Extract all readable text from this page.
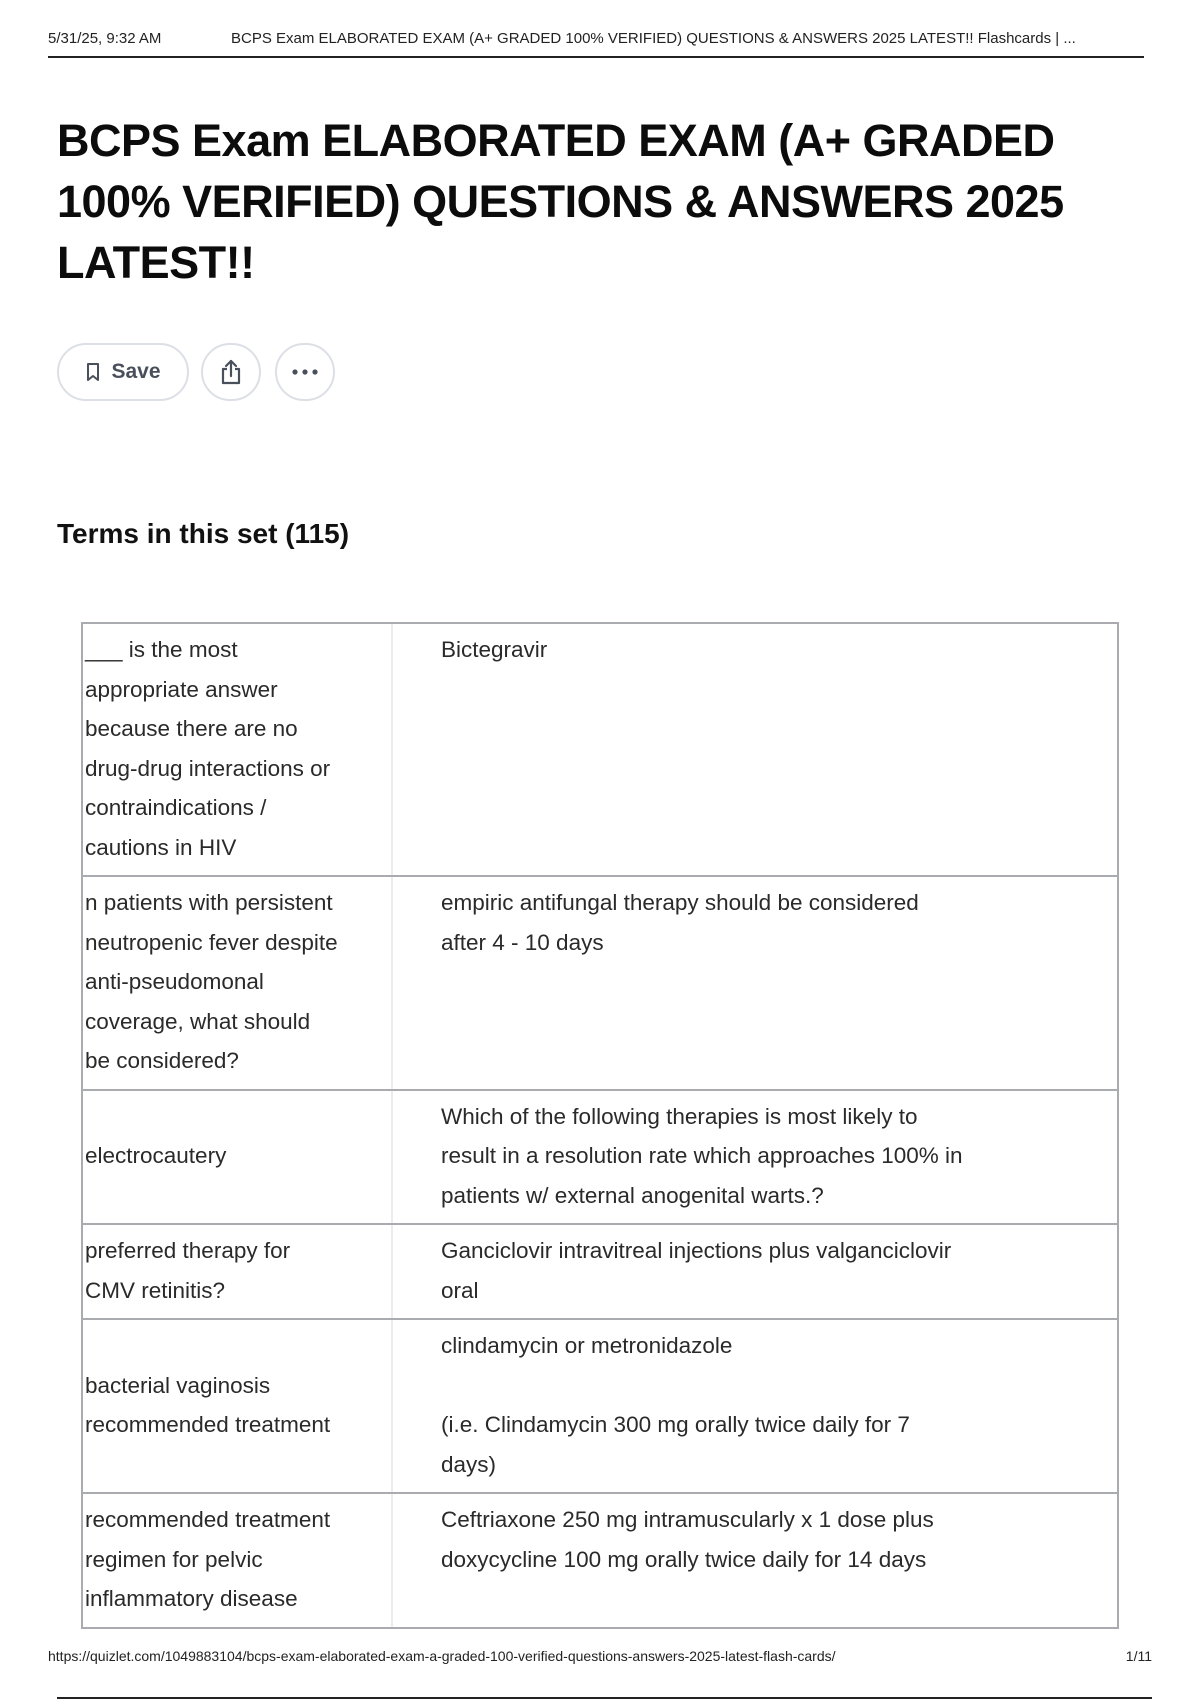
5/31/25, 9:32 AM	BCPS Exam ELABORATED EXAM (A+ GRADED 100% VERIFIED) QUESTIONS & ANSWERS 2025 LATEST!! Flashcards | ...
BCPS Exam ELABORATED EXAM (A+ GRADED 100% VERIFIED) QUESTIONS & ANSWERS 2025 LATEST!!
Save
Terms in this set (115)
___ is the most
appropriate answer
because there are no
drug-drug interactions or
contraindications /
cautions in HIV
Bictegravir
n patients with persistent
neutropenic fever despite
anti-pseudomonal
coverage, what should
be considered?
empiric antifungal therapy should be considered
after 4 - 10 days
electrocautery
Which of the following therapies is most likely to
result in a resolution rate which approaches 100% in
patients w/ external anogenital warts.?
preferred therapy for
CMV retinitis?
Ganciclovir intravitreal injections plus valganciclovir
oral
bacterial vaginosis
recommended treatment
clindamycin or metronidazole

(i.e. Clindamycin 300 mg orally twice daily for 7
days)
recommended treatment
regimen for pelvic
inflammatory disease
Ceftriaxone 250 mg intramuscularly x 1 dose plus
doxycycline 100 mg orally twice daily for 14 days
https://quizlet.com/1049883104/bcps-exam-elaborated-exam-a-graded-100-verified-questions-answers-2025-latest-flash-cards/	1/11
